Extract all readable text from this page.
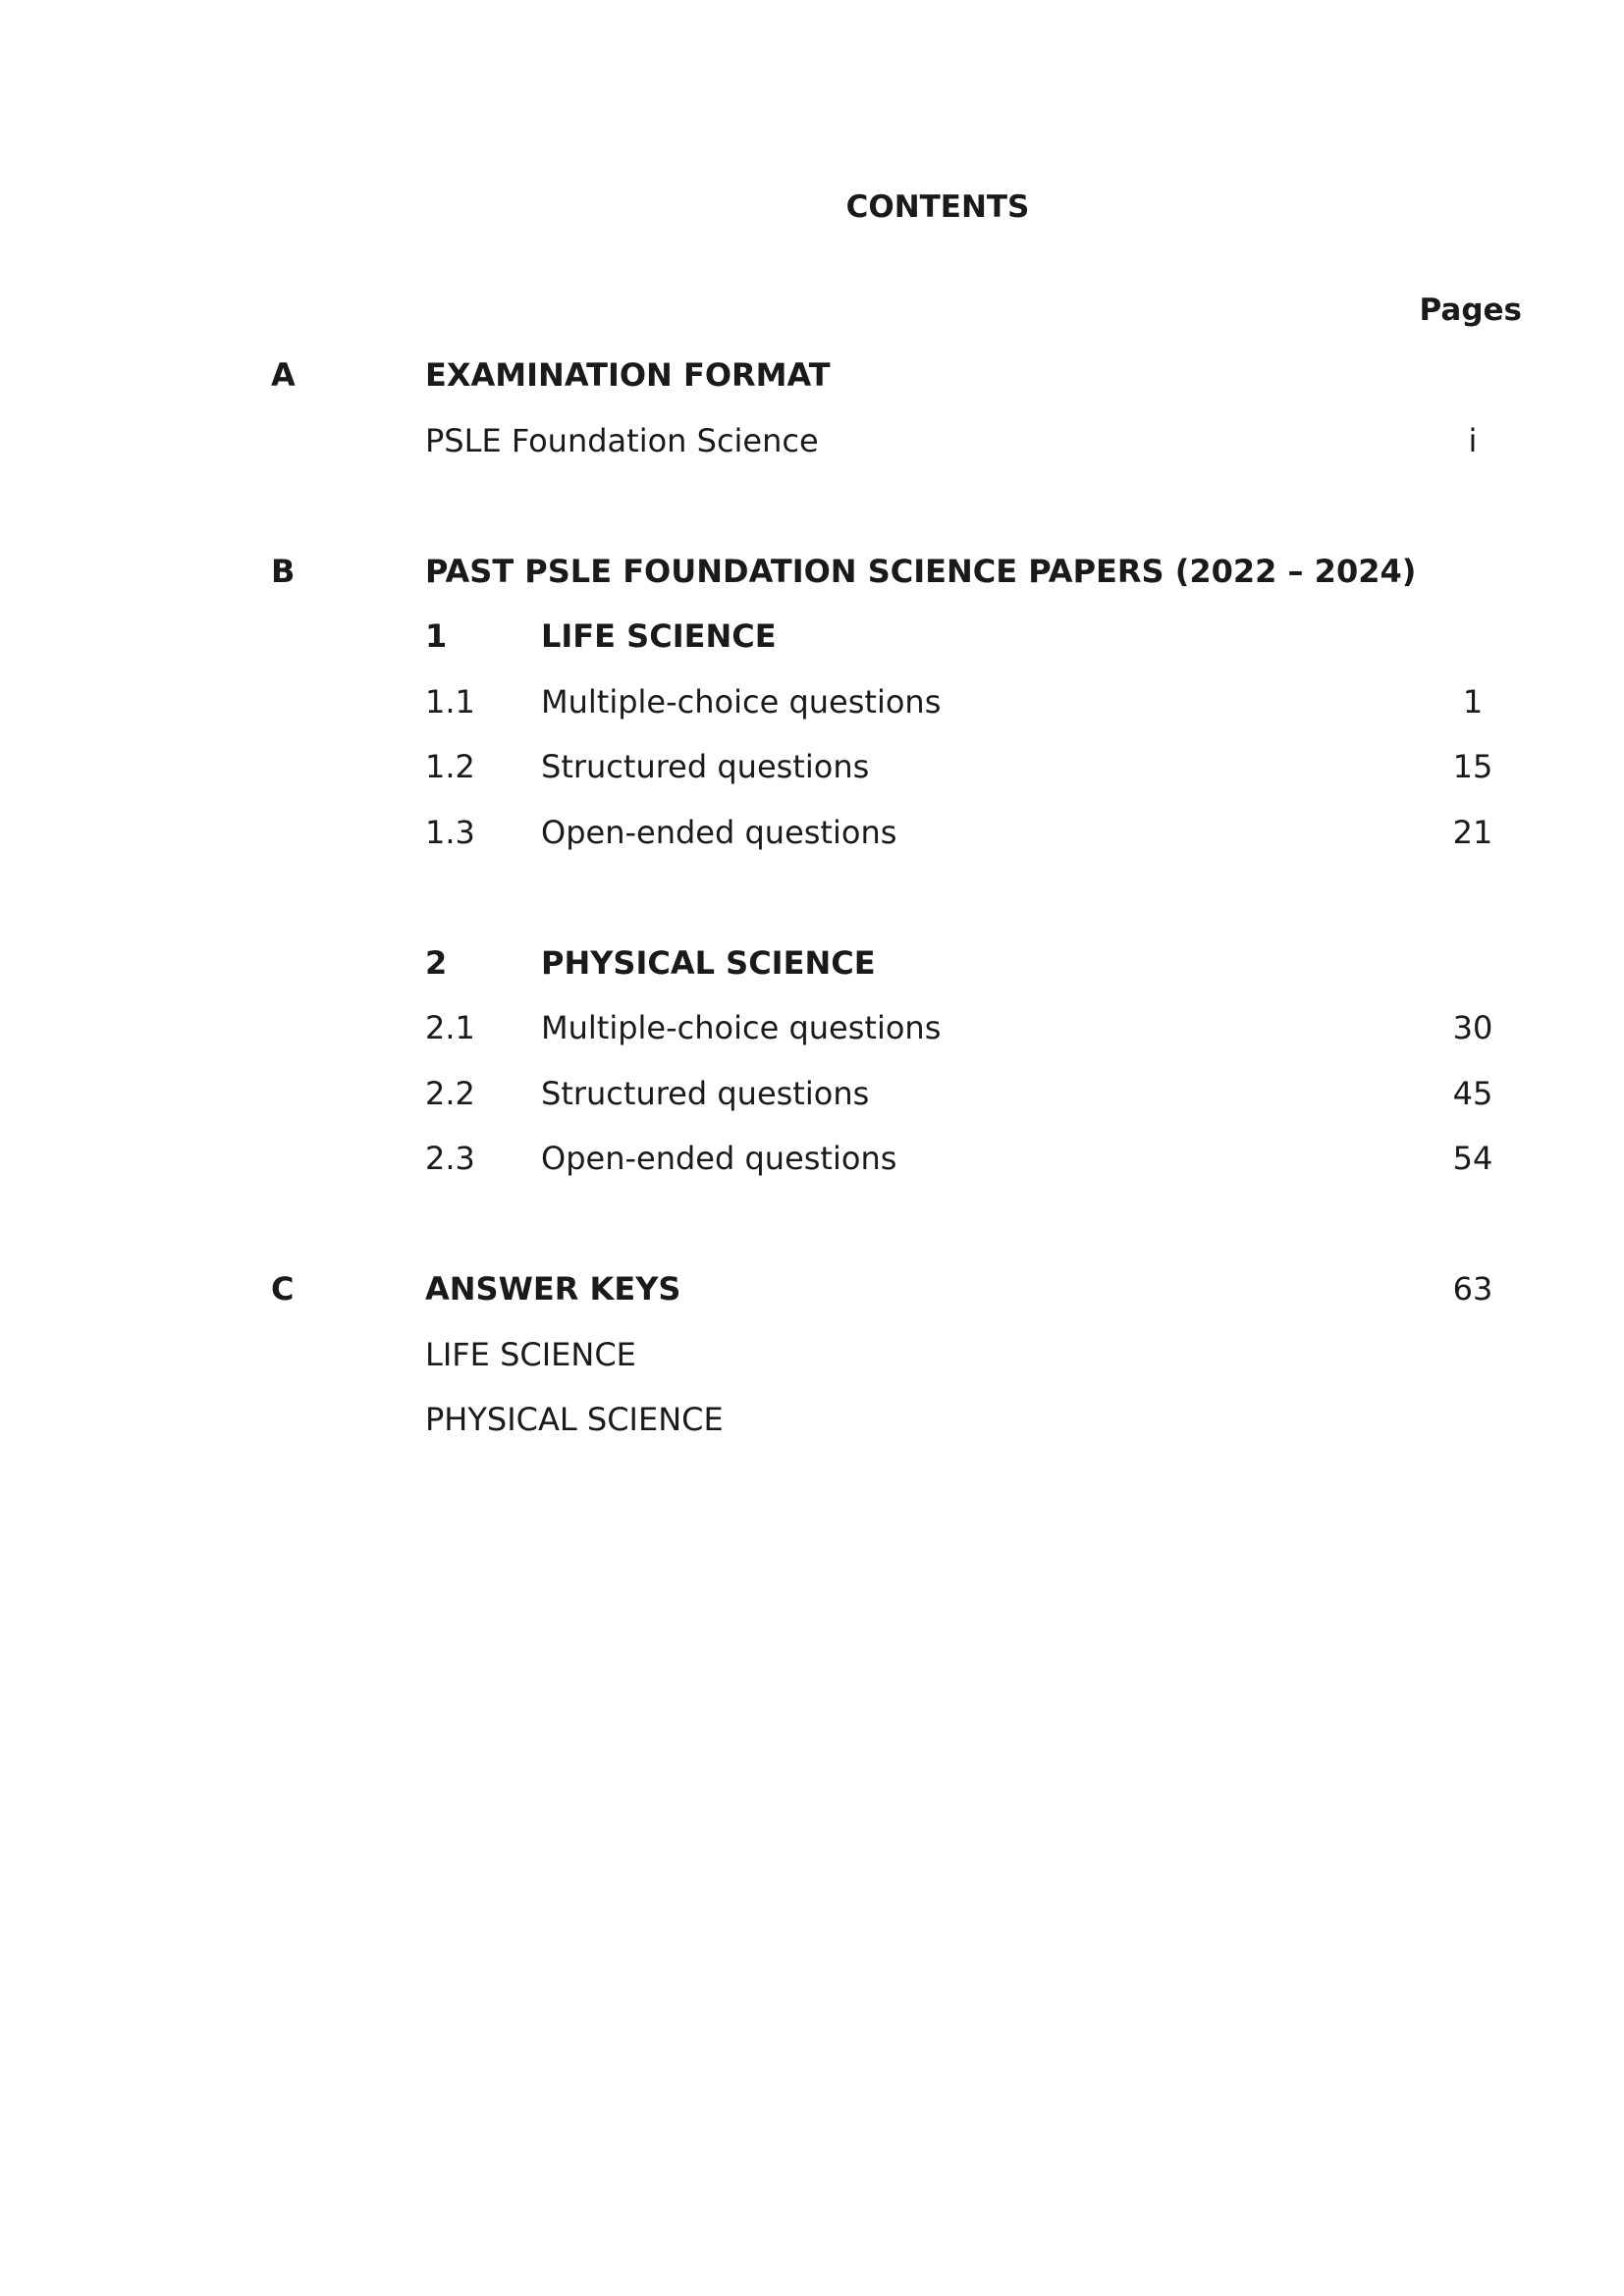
CONTENTS
Pages
A	EXAMINATION FORMAT
PSLE Foundation Science	i
B	PAST PSLE FOUNDATION SCIENCE PAPERS (2022 – 2024)
1	LIFE SCIENCE
1.1 Multiple-choice questions	1
1.2 Structured questions	15
1.3 Open-ended questions	21
2	PHYSICAL SCIENCE
2.1 Multiple-choice questions	30
2.2 Structured questions	45
2.3 Open-ended questions	54
C	ANSWER KEYS	63
LIFE SCIENCE
PHYSICAL SCIENCE
